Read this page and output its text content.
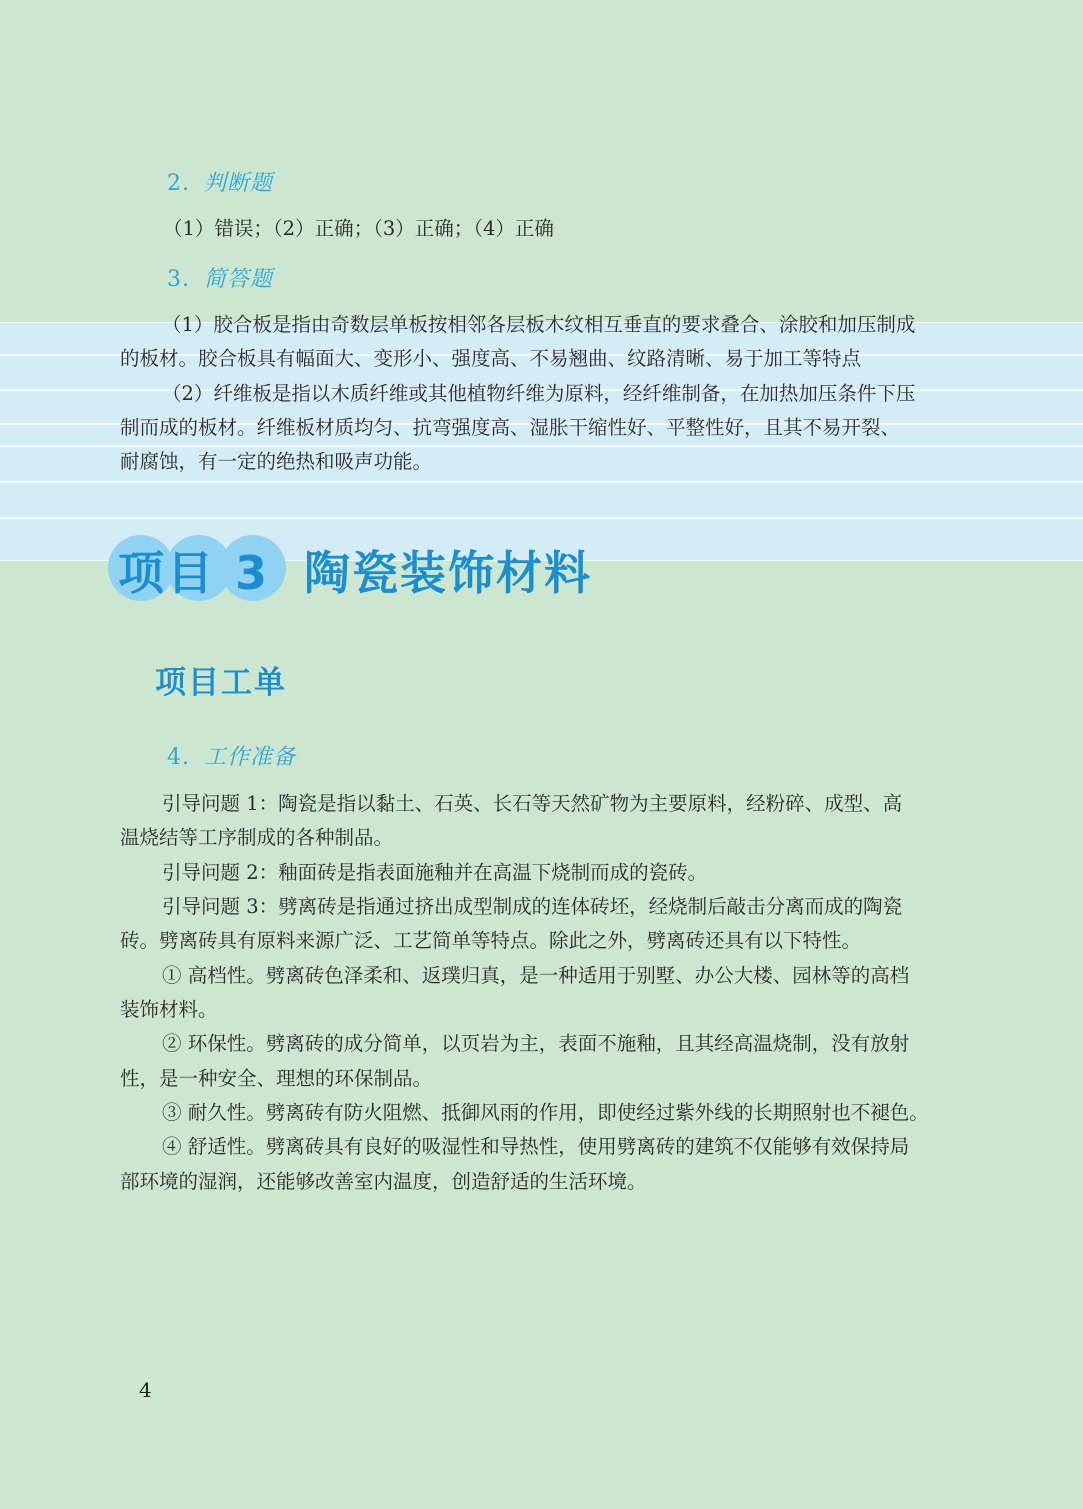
2. 判断题
（1）错误；（2）正确；（3）正确；（4）正确
3. 简答题
（1）胶合板是指由奇数层单板按相邻各层板木纹相互垂直的要求叠合、涂胶和加压制成
的板材。胶合板具有幅面大、变形小、强度高、不易翘曲、纹路清晰、易于加工等特点
（2）纤维板是指以木质纤维或其他植物纤维为原料，经纤维制备，在加热加压条件下压
制而成的板材。纤维板材质均匀、抗弯强度高、湿胀干缩性好、平整性好，且其不易开裂、
耐腐蚀，有一定的绝热和吸声功能。
项目 3 陶瓷装饰材料
项目工单
4. 工作准备
引导问题 1：陶瓷是指以黏土、石英、长石等天然矿物为主要原料，经粉碎、成型、高
温烧结等工序制成的各种制品。
引导问题 2：釉面砖是指表面施釉并在高温下烧制而成的瓷砖。
引导问题 3：劈离砖是指通过挤出成型制成的连体砖坯，经烧制后敲击分离而成的陶瓷
砖。劈离砖具有原料来源广泛、工艺简单等特点。除此之外，劈离砖还具有以下特性。
① 高档性。劈离砖色泽柔和、返璞归真，是一种适用于别墅、办公大楼、园林等的高档
装饰材料。
② 环保性。劈离砖的成分简单，以页岩为主，表面不施釉，且其经高温烧制，没有放射
性，是一种安全、理想的环保制品。
③ 耐久性。劈离砖有防火阻燃、抵御风雨的作用，即使经过紫外线的长期照射也不褪色。
④ 舒适性。劈离砖具有良好的吸湿性和导热性，使用劈离砖的建筑不仅能够有效保持局
部环境的湿润，还能够改善室内温度，创造舒适的生活环境。
4
